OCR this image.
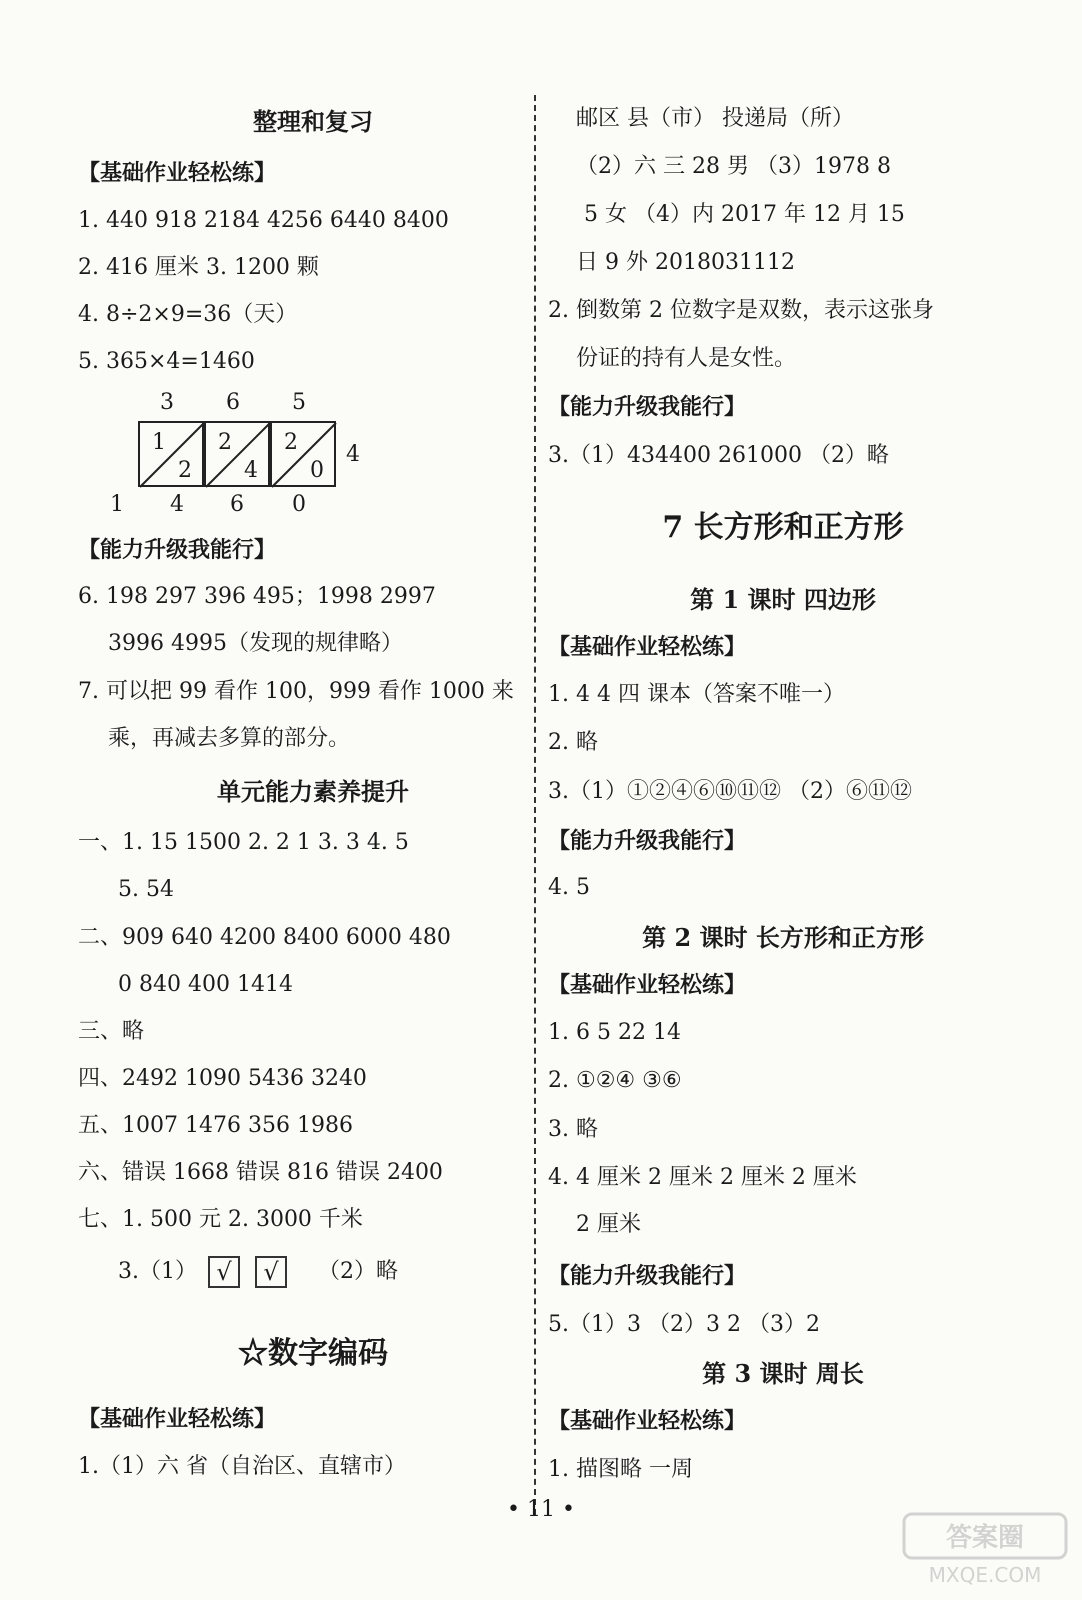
整理和复习
【基础作业轻松练】
1. 440 918 2184 4256 6440 8400
2. 416 厘米 3. 1200 颗
4. 8÷2×9=36（天）
5. 365×4=1460
3 6 5
1 2 2
2 4 0
4
1 4 6 0
【能力升级我能行】
6. 198 297 396 495；1998 2997
3996 4995（发现的规律略）
7. 可以把 99 看作 100，999 看作 1000 来
乘，再减去多算的部分。
单元能力素养提升
一、1. 15 1500 2. 2 1 3. 3 4. 5
5. 54
二、909 640 4200 8400 6000 480
0 840 400 1414
三、略
四、2492 1090 5436 3240
五、1007 1476 356 1986
六、错误 1668 错误 816 错误 2400
七、1. 500 元 2. 3000 千米
3.（1） √ √ （2）略
☆数字编码
【基础作业轻松练】
1.（1）六 省（自治区、直辖市）
邮区 县（市） 投递局（所）
（2）六 三 28 男 （3）1978 8
5 女 （4）内 2017 年 12 月 15
日 9 外 2018031112
2. 倒数第 2 位数字是双数，表示这张身
份证的持有人是女性。
【能力升级我能行】
3.（1）434400 261000 （2）略
7 长方形和正方形
第 1 课时 四边形
【基础作业轻松练】
1. 4 4 四 课本（答案不唯一）
2. 略
3.（1）①②④⑥⑩⑪⑫ （2）⑥⑪⑫
【能力升级我能行】
4. 5
第 2 课时 长方形和正方形
【基础作业轻松练】
1. 6 5 22 14
2. ①②④ ③⑥
3. 略
4. 4 厘米 2 厘米 2 厘米 2 厘米
2 厘米
【能力升级我能行】
5.（1）3 （2）3 2 （3）2
第 3 课时 周长
【基础作业轻松练】
1. 描图略 一周
• 11 •
答案圈
MXQE.COM
